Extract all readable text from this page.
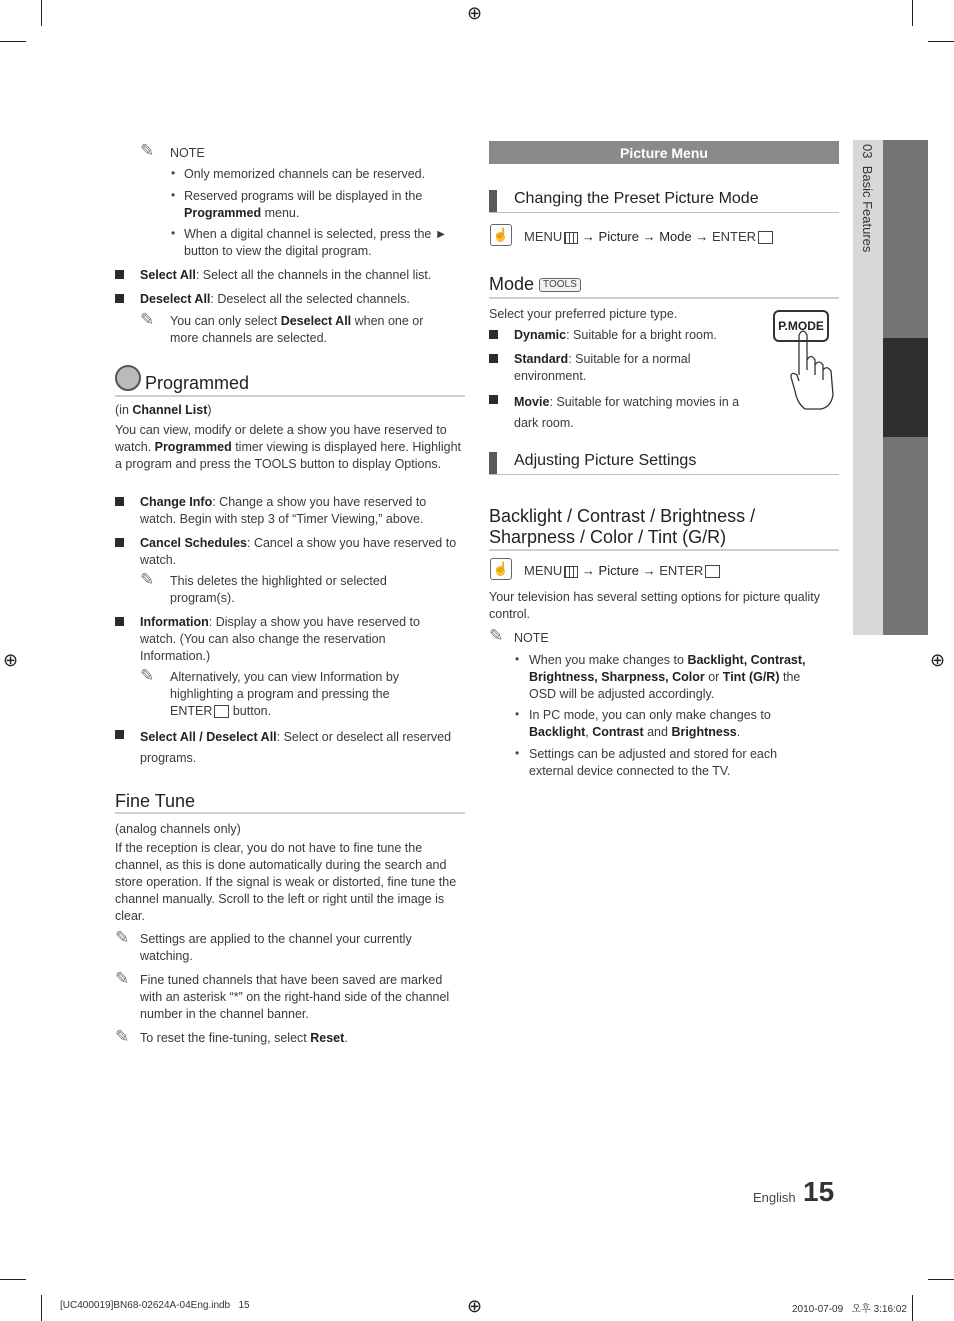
⊕
⊕	⊕
⊕
✎ NOTE
• Only memorized channels can be reserved.
• Reserved programs will be displayed in the Programmed menu.
• When a digital channel is selected, press the ► button to view the digital program.
Select All: Select all the channels in the channel list.
Deselect All: Deselect all the selected channels.
✎ You can only select Deselect All when one or more channels are selected.
Programmed
(in Channel List)
You can view, modify or delete a show you have reserved to watch. Programmed timer viewing is displayed here. Highlight a program and press the TOOLS button to display Options.
Change Info: Change a show you have reserved to watch. Begin with step 3 of “Timer Viewing,” above.
Cancel Schedules: Cancel a show you have reserved to watch.
✎ This deletes the highlighted or selected program(s).
Information: Display a show you have reserved to watch. (You can also change the reservation Information.)
✎ Alternatively, you can view Information by highlighting a program and pressing the ENTER button.
Select All / Deselect All: Select or deselect all reserved programs.
Fine Tune
(analog channels only)
If the reception is clear, you do not have to fine tune the channel, as this is done automatically during the search and store operation. If the signal is weak or distorted, fine tune the channel manually. Scroll to the left or right until the image is clear.
✎ Settings are applied to the channel your currently watching.
✎ Fine tuned channels that have been saved are marked with an asterisk “*” on the right-hand side of the channel number in the channel banner.
✎ To reset the fine-tuning, select Reset.
Picture Menu
Changing the Preset Picture Mode
☝ MENU → Picture → Mode → ENTER
Mode TOOLS
Select your preferred picture type.
Dynamic: Suitable for a bright room.
Standard: Suitable for a normal environment.
Movie: Suitable for watching movies in a dark room.
P.MODE
Adjusting Picture Settings
Backlight / Contrast / Brightness / Sharpness / Color / Tint (G/R)
☝ MENU → Picture → ENTER
Your television has several setting options for picture quality control.
✎ NOTE
• When you make changes to Backlight, Contrast, Brightness, Sharpness, Color or Tint (G/R) the OSD will be adjusted accordingly.
• In PC mode, you can only make changes to Backlight, Contrast and Brightness.
• Settings can be adjusted and stored for each external device connected to the TV.
03  Basic Features
English 15
[UC400019]BN68-02624A-04Eng.indb   15	2010-07-09   오후 3:16:02
